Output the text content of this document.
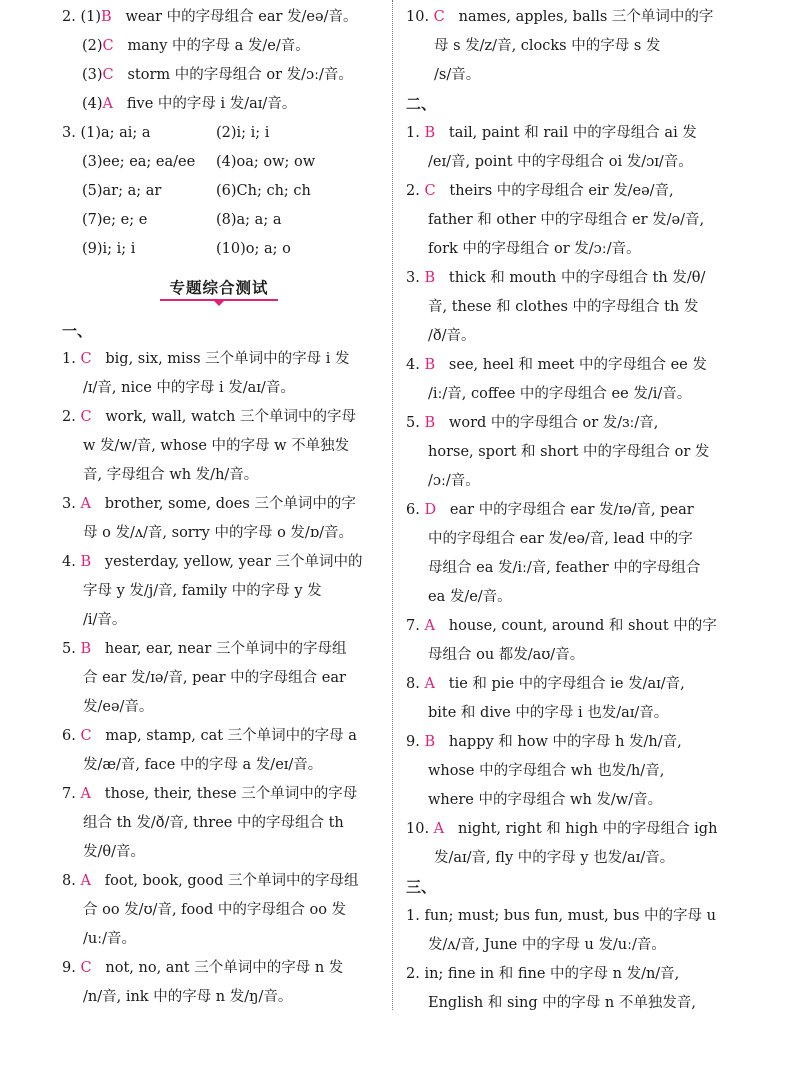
2. (1)B wear 中的字母组合 ear 发/eə/音。
(2)C many 中的字母 a 发/e/音。
(3)C storm 中的字母组合 or 发/ɔː/音。
(4)A five 中的字母 i 发/aɪ/音。
3. (1)a; ai; a	(2)i; i; i
(3)ee; ea; ea/ee (4)oa; ow; ow
(5)ar; a; ar	(6)Ch; ch; ch
(7)e; e; e	(8)a; a; a
(9)i; i; i	(10)o; a; o
专题综合测试
一、
1. C   big, six, miss 三个单词中的字母 i 发
/ɪ/音, nice 中的字母 i 发/aɪ/音。
2. C   work, wall, watch 三个单词中的字母
w 发/w/音, whose 中的字母 w 不单独发
音, 字母组合 wh 发/h/音。
3. A   brother, some, does 三个单词中的字
母 o 发/ʌ/音, sorry 中的字母 o 发/ɒ/音。
4. B   yesterday, yellow, year 三个单词中的
字母 y 发/j/音, family 中的字母 y 发
/i/音。
5. B   hear, ear, near 三个单词中的字母组
合 ear 发/ɪə/音, pear 中的字母组合 ear
发/eə/音。
6. C   map, stamp, cat 三个单词中的字母 a
发/æ/音, face 中的字母 a 发/eɪ/音。
7. A   those, their, these 三个单词中的字母
组合 th 发/ð/音, three 中的字母组合 th
发/θ/音。
8. A   foot, book, good 三个单词中的字母组
合 oo 发/ʊ/音, food 中的字母组合 oo 发
/uː/音。
9. C   not, no, ant 三个单词中的字母 n 发
/n/音, ink 中的字母 n 发/ŋ/音。
10. C   names, apples, balls 三个单词中的字
母 s 发/z/音, clocks 中的字母 s 发
/s/音。
二、
1. B   tail, paint 和 rail 中的字母组合 ai 发
/eɪ/音, point 中的字母组合 oi 发/ɔɪ/音。
2. C   theirs 中的字母组合 eir 发/eə/音,
father 和 other 中的字母组合 er 发/ə/音,
fork 中的字母组合 or 发/ɔː/音。
3. B   thick 和 mouth 中的字母组合 th 发/θ/
音, these 和 clothes 中的字母组合 th 发
/ð/音。
4. B   see, heel 和 meet 中的字母组合 ee 发
/iː/音, coffee 中的字母组合 ee 发/i/音。
5. B   word 中的字母组合 or 发/ɜː/音,
horse, sport 和 short 中的字母组合 or 发
/ɔː/音。
6. D   ear 中的字母组合 ear 发/ɪə/音, pear
中的字母组合 ear 发/eə/音, lead 中的字
母组合 ea 发/iː/音, feather 中的字母组合
ea 发/e/音。
7. A   house, count, around 和 shout 中的字
母组合 ou 都发/aʊ/音。
8. A   tie 和 pie 中的字母组合 ie 发/aɪ/音,
bite 和 dive 中的字母 i 也发/aɪ/音。
9. B   happy 和 how 中的字母 h 发/h/音,
whose 中的字母组合 wh 也发/h/音,
where 中的字母组合 wh 发/w/音。
10. A   night, right 和 high 中的字母组合 igh
发/aɪ/音, fly 中的字母 y 也发/aɪ/音。
三、
1. fun; must; bus fun, must, bus 中的字母 u
发/ʌ/音, June 中的字母 u 发/uː/音。
2. in; fine in 和 fine 中的字母 n 发/n/音,
English 和 sing 中的字母 n 不单独发音,
